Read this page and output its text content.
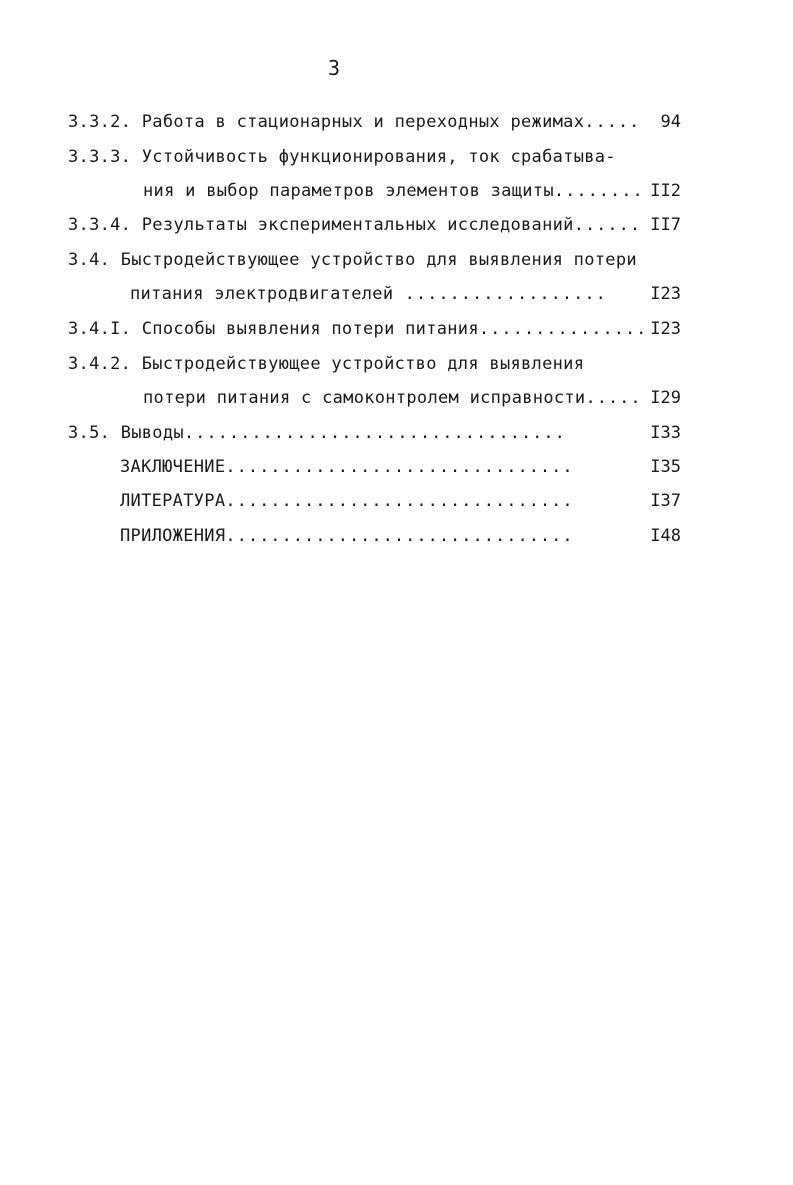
3
3.3.2. Работа в стационарных и переходных режимах..... 94
3.3.3. Устойчивость функционирования, ток срабатыва-
ния и выбор параметров элементов защиты........ II2
3.3.4. Результаты экспериментальных исследований...... II7
3.4. Быстродействующее устройство для выявления потери
питания электродвигателей ..................	I23
3.4.I. Способы выявления потери питания............... I23
3.4.2. Быстродействующее устройство для выявления
потери питания с самоконтролем исправности..... I29
3.5. Выводы..................................	I33
ЗАКЛЮЧЕНИЕ...............................	I35
ЛИТЕРАТУРА...............................	I37
ПРИЛОЖЕНИЯ...............................	I48
